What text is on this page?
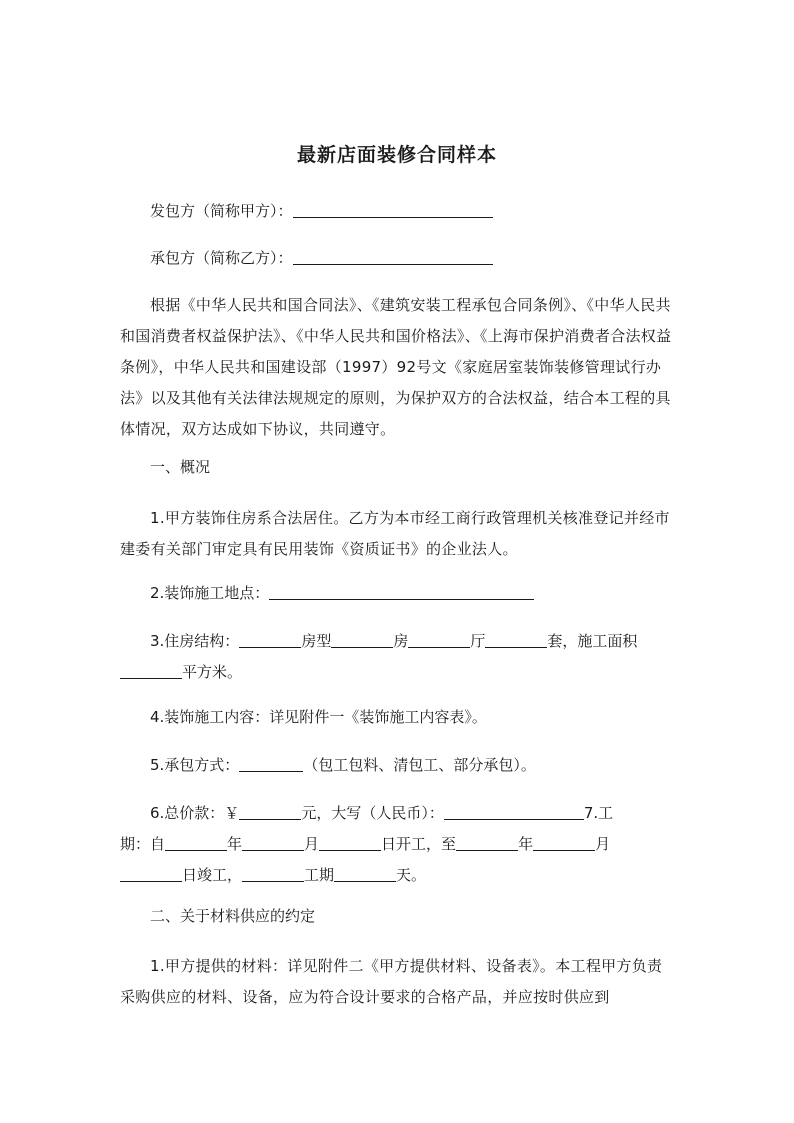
最新店面装修合同样本
发包方（简称甲方）：
承包方（简称乙方）：
根据《中华人民共和国合同法》、《建筑安装工程承包合同条例》、《中华人民共和国消费者权益保护法》、《中华人民共和国价格法》、《上海市保护消费者合法权益条例》，中华人民共和国建设部（1997）92号文《家庭居室装饰装修管理试行办法》以及其他有关法律法规规定的原则，为保护双方的合法权益，结合本工程的具体情况，双方达成如下协议，共同遵守。
一、概况
1.甲方装饰住房系合法居住。乙方为本市经工商行政管理机关核准登记并经市建委有关部门审定具有民用装饰《资质证书》的企业法人。
2.装饰施工地点：
3.住房结构：	房型	房	厅	套，施工面积
平方米。
4.装饰施工内容：详见附件一《装饰施工内容表》。
5.承包方式：	（包工包料、清包工、部分承包）。
6.总价款：￥	元，大写（人民币）：	7.工
期：自	年	月	日开工，至	年	月
日竣工，	工期	天。
二、关于材料供应的约定
1.甲方提供的材料：详见附件二《甲方提供材料、设备表》。本工程甲方负责采购供应的材料、设备，应为符合设计要求的合格产品，并应按时供应到
